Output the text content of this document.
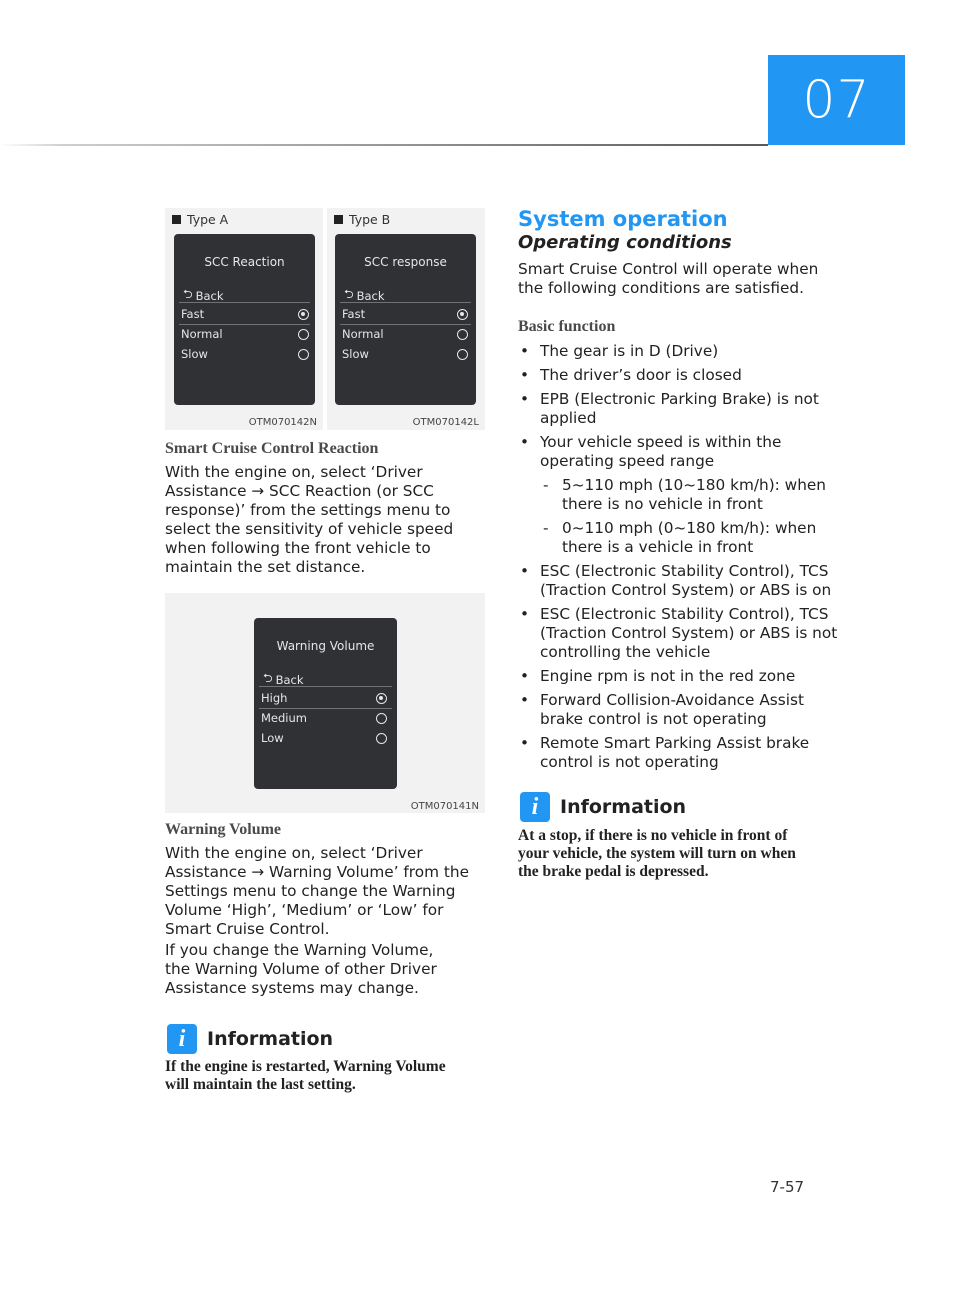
07
Type A
SCC Reaction
⮌ Back
Fast
Normal
Slow
OTM070142N
Type B
SCC response
⮌ Back
Fast
Normal
Slow
OTM070142L
Smart Cruise Control Reaction
With the engine on, select ‘Driver
Assistance → SCC Reaction (or SCC
response)’ from the settings menu to
select the sensitivity of vehicle speed
when following the front vehicle to
maintain the set distance.
Warning Volume
⮌ Back
High
Medium
Low
OTM070141N
Warning Volume
With the engine on, select ‘Driver
Assistance → Warning Volume’ from the
Settings menu to change the Warning
Volume ‘High’, ‘Medium’ or ‘Low’ for
Smart Cruise Control.
If you change the Warning Volume,
the Warning Volume of other Driver
Assistance systems may change.
i	Information
If the engine is restarted, Warning Volume
will maintain the last setting.
System operation
Operating conditions
Smart Cruise Control will operate when
the following conditions are satisfied.
Basic function
• The gear is in D (Drive)
• The driver’s door is closed
• EPB (Electronic Parking Brake) is not applied
• Your vehicle speed is within the operating speed range
- 5~110 mph (10~180 km/h): when there is no vehicle in front
- 0~110 mph (0~180 km/h): when there is a vehicle in front
• ESC (Electronic Stability Control), TCS (Traction Control System) or ABS is on
• ESC (Electronic Stability Control), TCS (Traction Control System) or ABS is not controlling the vehicle
• Engine rpm is not in the red zone
• Forward Collision-Avoidance Assist brake control is not operating
• Remote Smart Parking Assist brake control is not operating
i	Information
At a stop, if there is no vehicle in front of
your vehicle, the system will turn on when
the brake pedal is depressed.
7-57
